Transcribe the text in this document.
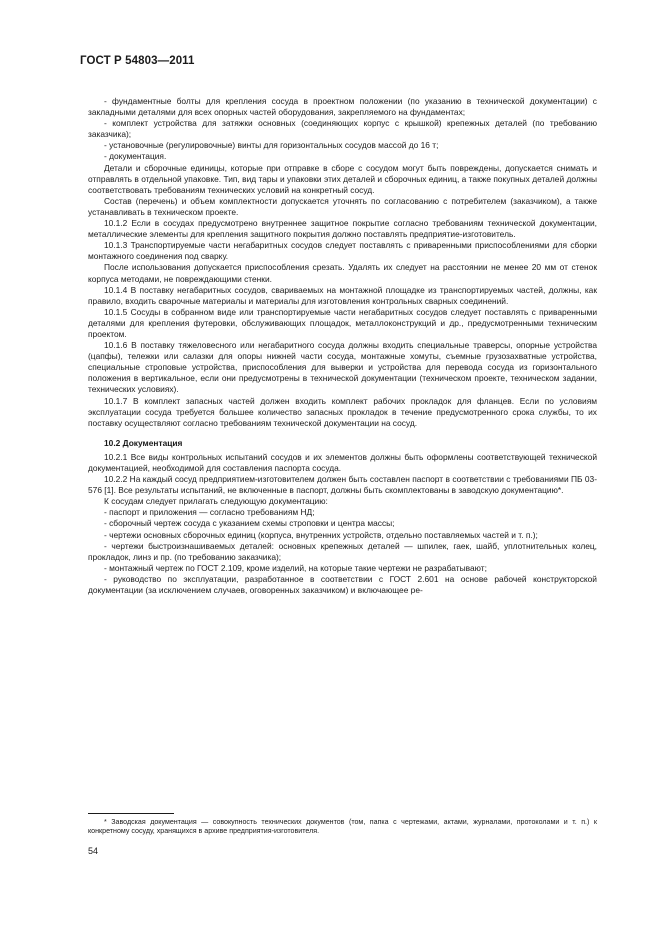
ГОСТ Р 54803—2011

- фундаментные болты для крепления сосуда в проектном положении (по указанию в технической документации) с закладными деталями для всех опорных частей оборудования, закрепляемого на фундаментах;

- комплект устройства для затяжки основных (соединяющих корпус с крышкой) крепежных деталей (по требованию заказчика);

- установочные (регулировочные) винты для горизонтальных сосудов массой до 16 т;

- документация.

Детали и сборочные единицы, которые при отправке в сборе с сосудом могут быть повреждены, допускается снимать и отправлять в отдельной упаковке. Тип, вид тары и упаковки этих деталей и сборочных единиц, а также покупных деталей должны соответствовать требованиям технических условий на конкретный сосуд.

Состав (перечень) и объем комплектности допускается уточнять по согласованию с потребителем (заказчиком), а также устанавливать в техническом проекте.

10.1.2 Если в сосудах предусмотрено внутреннее защитное покрытие согласно требованиям технической документации, металлические элементы для крепления защитного покрытия должно поставлять предприятие-изготовитель.

10.1.3 Транспортируемые части негабаритных сосудов следует поставлять с приваренными приспособлениями для сборки монтажного соединения под сварку.

После использования допускается приспособления срезать. Удалять их следует на расстоянии не менее 20 мм от стенок корпуса методами, не повреждающими стенки.

10.1.4 В поставку негабаритных сосудов, свариваемых на монтажной площадке из транспортируемых частей, должны, как правило, входить сварочные материалы и материалы для изготовления контрольных сварных соединений.

10.1.5 Сосуды в собранном виде или транспортируемые части негабаритных сосудов следует поставлять с приваренными деталями для крепления футеровки, обслуживающих площадок, металлоконструкций и др., предусмотренными техническим проектом.

10.1.6 В поставку тяжеловесного или негабаритного сосуда должны входить специальные траверсы, опорные устройства (цапфы), тележки или салазки для опоры нижней части сосуда, монтажные хомуты, съемные грузозахватные устройства, специальные строповые устройства, приспособления для выверки и устройства для перевода сосуда из горизонтального положения в вертикальное, если они предусмотрены в технической документации (техническом проекте, техническом задании, технических условиях).

10.1.7 В комплект запасных частей должен входить комплект рабочих прокладок для фланцев. Если по условиям эксплуатации сосуда требуется большее количество запасных прокладок в течение предусмотренного срока службы, то их поставку осуществляют согласно требованиям технической документации на сосуд.

10.2 Документация

10.2.1 Все виды контрольных испытаний сосудов и их элементов должны быть оформлены соответствующей технической документацией, необходимой для составления паспорта сосуда.

10.2.2 На каждый сосуд предприятием-изготовителем должен быть составлен паспорт в соответствии с требованиями ПБ 03-576 [1]. Все результаты испытаний, не включенные в паспорт, должны быть скомплектованы в заводскую документацию*.

К сосудам следует прилагать следующую документацию:

- паспорт и приложения — согласно требованиям НД;

- сборочный чертеж сосуда с указанием схемы строповки и центра массы;

- чертежи основных сборочных единиц (корпуса, внутренних устройств, отдельно поставляемых частей и т. п.);

- чертежи быстроизнашиваемых деталей: основных крепежных деталей — шпилек, гаек, шайб, уплотнительных колец, прокладок, линз и пр. (по требованию заказчика);

- монтажный чертеж по ГОСТ 2.109, кроме изделий, на которые такие чертежи не разрабатывают;

- руководство по эксплуатации, разработанное в соответствии с ГОСТ 2.601 на основе рабочей конструкторской документации (за исключением случаев, оговоренных заказчиком) и включающее ре-

* Заводская документация — совокупность технических документов (том, папка с чертежами, актами, журналами, протоколами и т. п.) к конкретному сосуду, хранящихся в архиве предприятия-изготовителя.

54
